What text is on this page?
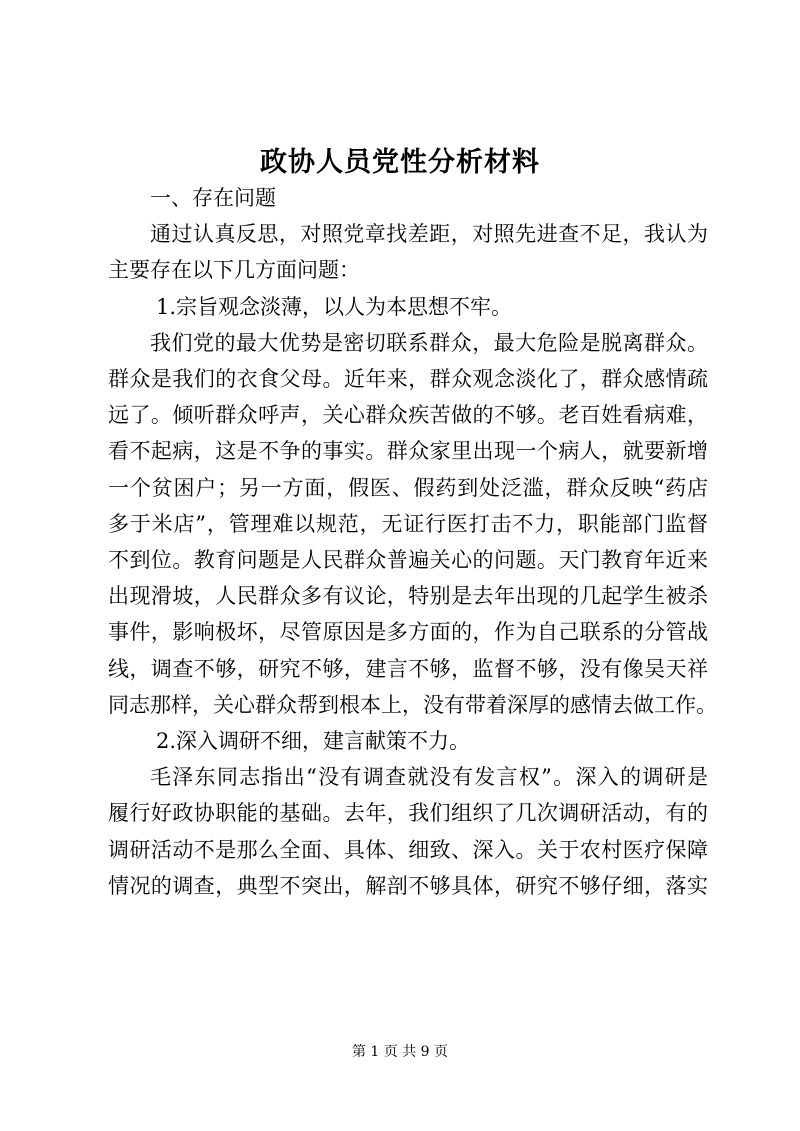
政协人员党性分析材料
一、存在问题
通过认真反思，对照党章找差距，对照先进查不足，我认为
主要存在以下几方面问题：
1.宗旨观念淡薄，以人为本思想不牢。
我们党的最大优势是密切联系群众，最大危险是脱离群众。
群众是我们的衣食父母。近年来，群众观念淡化了，群众感情疏
远了。倾听群众呼声，关心群众疾苦做的不够。老百姓看病难，
看不起病，这是不争的事实。群众家里出现一个病人，就要新增
一个贫困户；另一方面，假医、假药到处泛滥，群众反映“药店
多于米店”，管理难以规范，无证行医打击不力，职能部门监督
不到位。教育问题是人民群众普遍关心的问题。天门教育年近来
出现滑坡，人民群众多有议论，特别是去年出现的几起学生被杀
事件，影响极坏，尽管原因是多方面的，作为自己联系的分管战
线，调查不够，研究不够，建言不够，监督不够，没有像吴天祥
同志那样，关心群众帮到根本上，没有带着深厚的感情去做工作。
2.深入调研不细，建言献策不力。
毛泽东同志指出“没有调查就没有发言权”。深入的调研是
履行好政协职能的基础。去年，我们组织了几次调研活动，有的
调研活动不是那么全面、具体、细致、深入。关于农村医疗保障
情况的调查，典型不突出，解剖不够具体，研究不够仔细，落实
第 1 页 共 9 页
